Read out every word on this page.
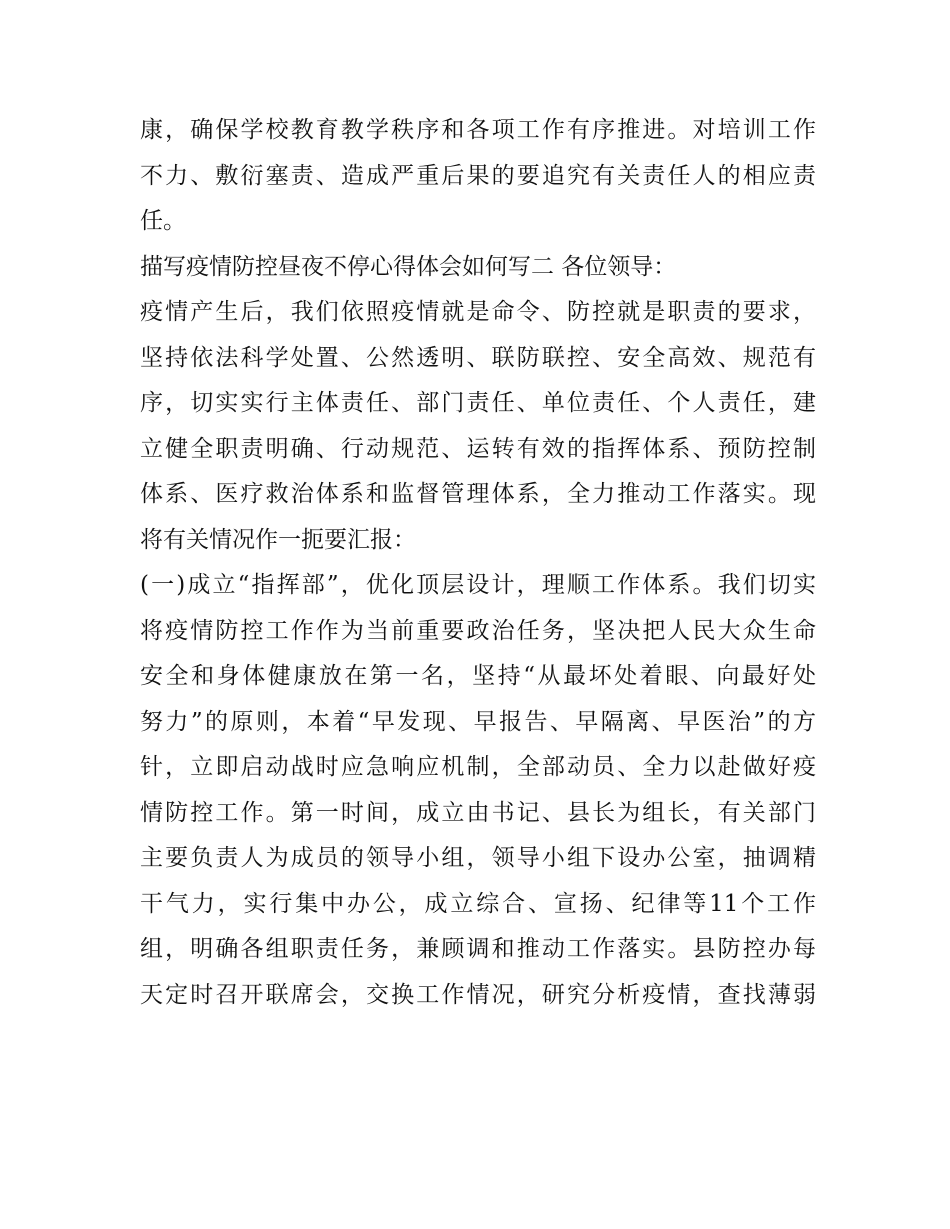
康，确保学校教育教学秩序和各项工作有序推进。对培训工作
不力、敷衍塞责、造成严重后果的要追究有关责任人的相应责
任。
描写疫情防控昼夜不停心得体会如何写二 各位领导：
疫情产生后，我们依照疫情就是命令、防控就是职责的要求，
坚持依法科学处置、公然透明、联防联控、安全高效、规范有
序，切实实行主体责任、部门责任、单位责任、个人责任，建
立健全职责明确、行动规范、运转有效的指挥体系、预防控制
体系、医疗救治体系和监督管理体系，全力推动工作落实。现
将有关情况作一扼要汇报：
(一)成立“指挥部”，优化顶层设计，理顺工作体系。我们切实
将疫情防控工作作为当前重要政治任务，坚决把人民大众生命
安全和身体健康放在第一名，坚持“从最坏处着眼、向最好处
努力”的原则，本着“早发现、早报告、早隔离、早医治”的方
针，立即启动战时应急响应机制，全部动员、全力以赴做好疫
情防控工作。第一时间，成立由书记、县长为组长，有关部门
主要负责人为成员的领导小组，领导小组下设办公室，抽调精
干气力，实行集中办公，成立综合、宣扬、纪律等11个工作
组，明确各组职责任务，兼顾调和推动工作落实。县防控办每
天定时召开联席会，交换工作情况，研究分析疫情，查找薄弱
